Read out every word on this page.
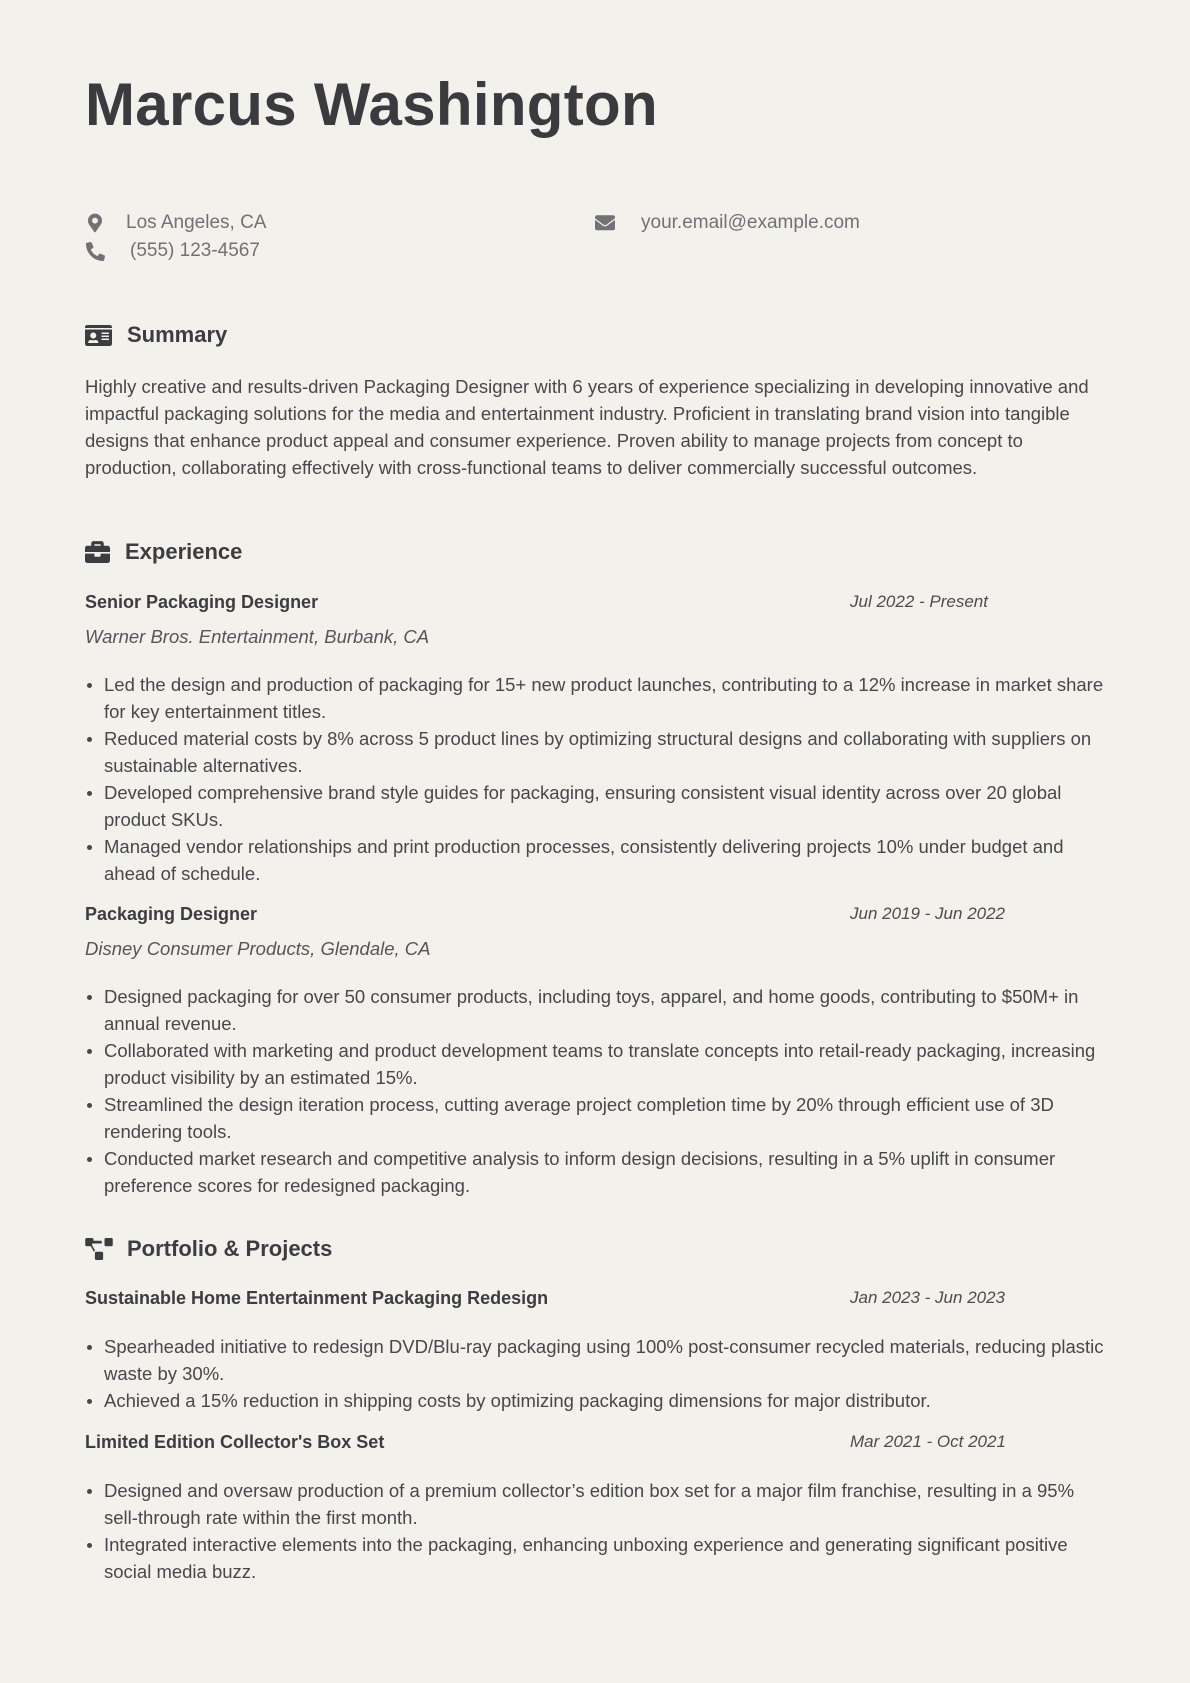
Marcus Washington
Los Angeles, CA
(555) 123-4567
your.email@example.com
Summary

Highly creative and results-driven Packaging Designer with 6 years of experience specializing in developing innovative and impactful packaging solutions for the media and entertainment industry. Proficient in translating brand vision into tangible designs that enhance product appeal and consumer experience. Proven ability to manage projects from concept to production, collaborating effectively with cross-functional teams to deliver commercially successful outcomes.

Experience
Senior Packaging Designer	Jul 2022 - Present
Warner Bros. Entertainment, Burbank, CA
Led the design and production of packaging for 15+ new product launches, contributing to a 12% increase in market share for key entertainment titles.
Reduced material costs by 8% across 5 product lines by optimizing structural designs and collaborating with suppliers on sustainable alternatives.
Developed comprehensive brand style guides for packaging, ensuring consistent visual identity across over 20 global product SKUs.
Managed vendor relationships and print production processes, consistently delivering projects 10% under budget and ahead of schedule.
Packaging Designer	Jun 2019 - Jun 2022
Disney Consumer Products, Glendale, CA
Designed packaging for over 50 consumer products, including toys, apparel, and home goods, contributing to $50M+ in annual revenue.
Collaborated with marketing and product development teams to translate concepts into retail-ready packaging, increasing product visibility by an estimated 15%.
Streamlined the design iteration process, cutting average project completion time by 20% through efficient use of 3D rendering tools.
Conducted market research and competitive analysis to inform design decisions, resulting in a 5% uplift in consumer preference scores for redesigned packaging.
Portfolio & Projects
Sustainable Home Entertainment Packaging Redesign	Jan 2023 - Jun 2023
Spearheaded initiative to redesign DVD/Blu-ray packaging using 100% post-consumer recycled materials, reducing plastic waste by 30%.
Achieved a 15% reduction in shipping costs by optimizing packaging dimensions for major distributor.
Limited Edition Collector's Box Set	Mar 2021 - Oct 2021
Designed and oversaw production of a premium collector’s edition box set for a major film franchise, resulting in a 95% sell-through rate within the first month.
Integrated interactive elements into the packaging, enhancing unboxing experience and generating significant positive social media buzz.
